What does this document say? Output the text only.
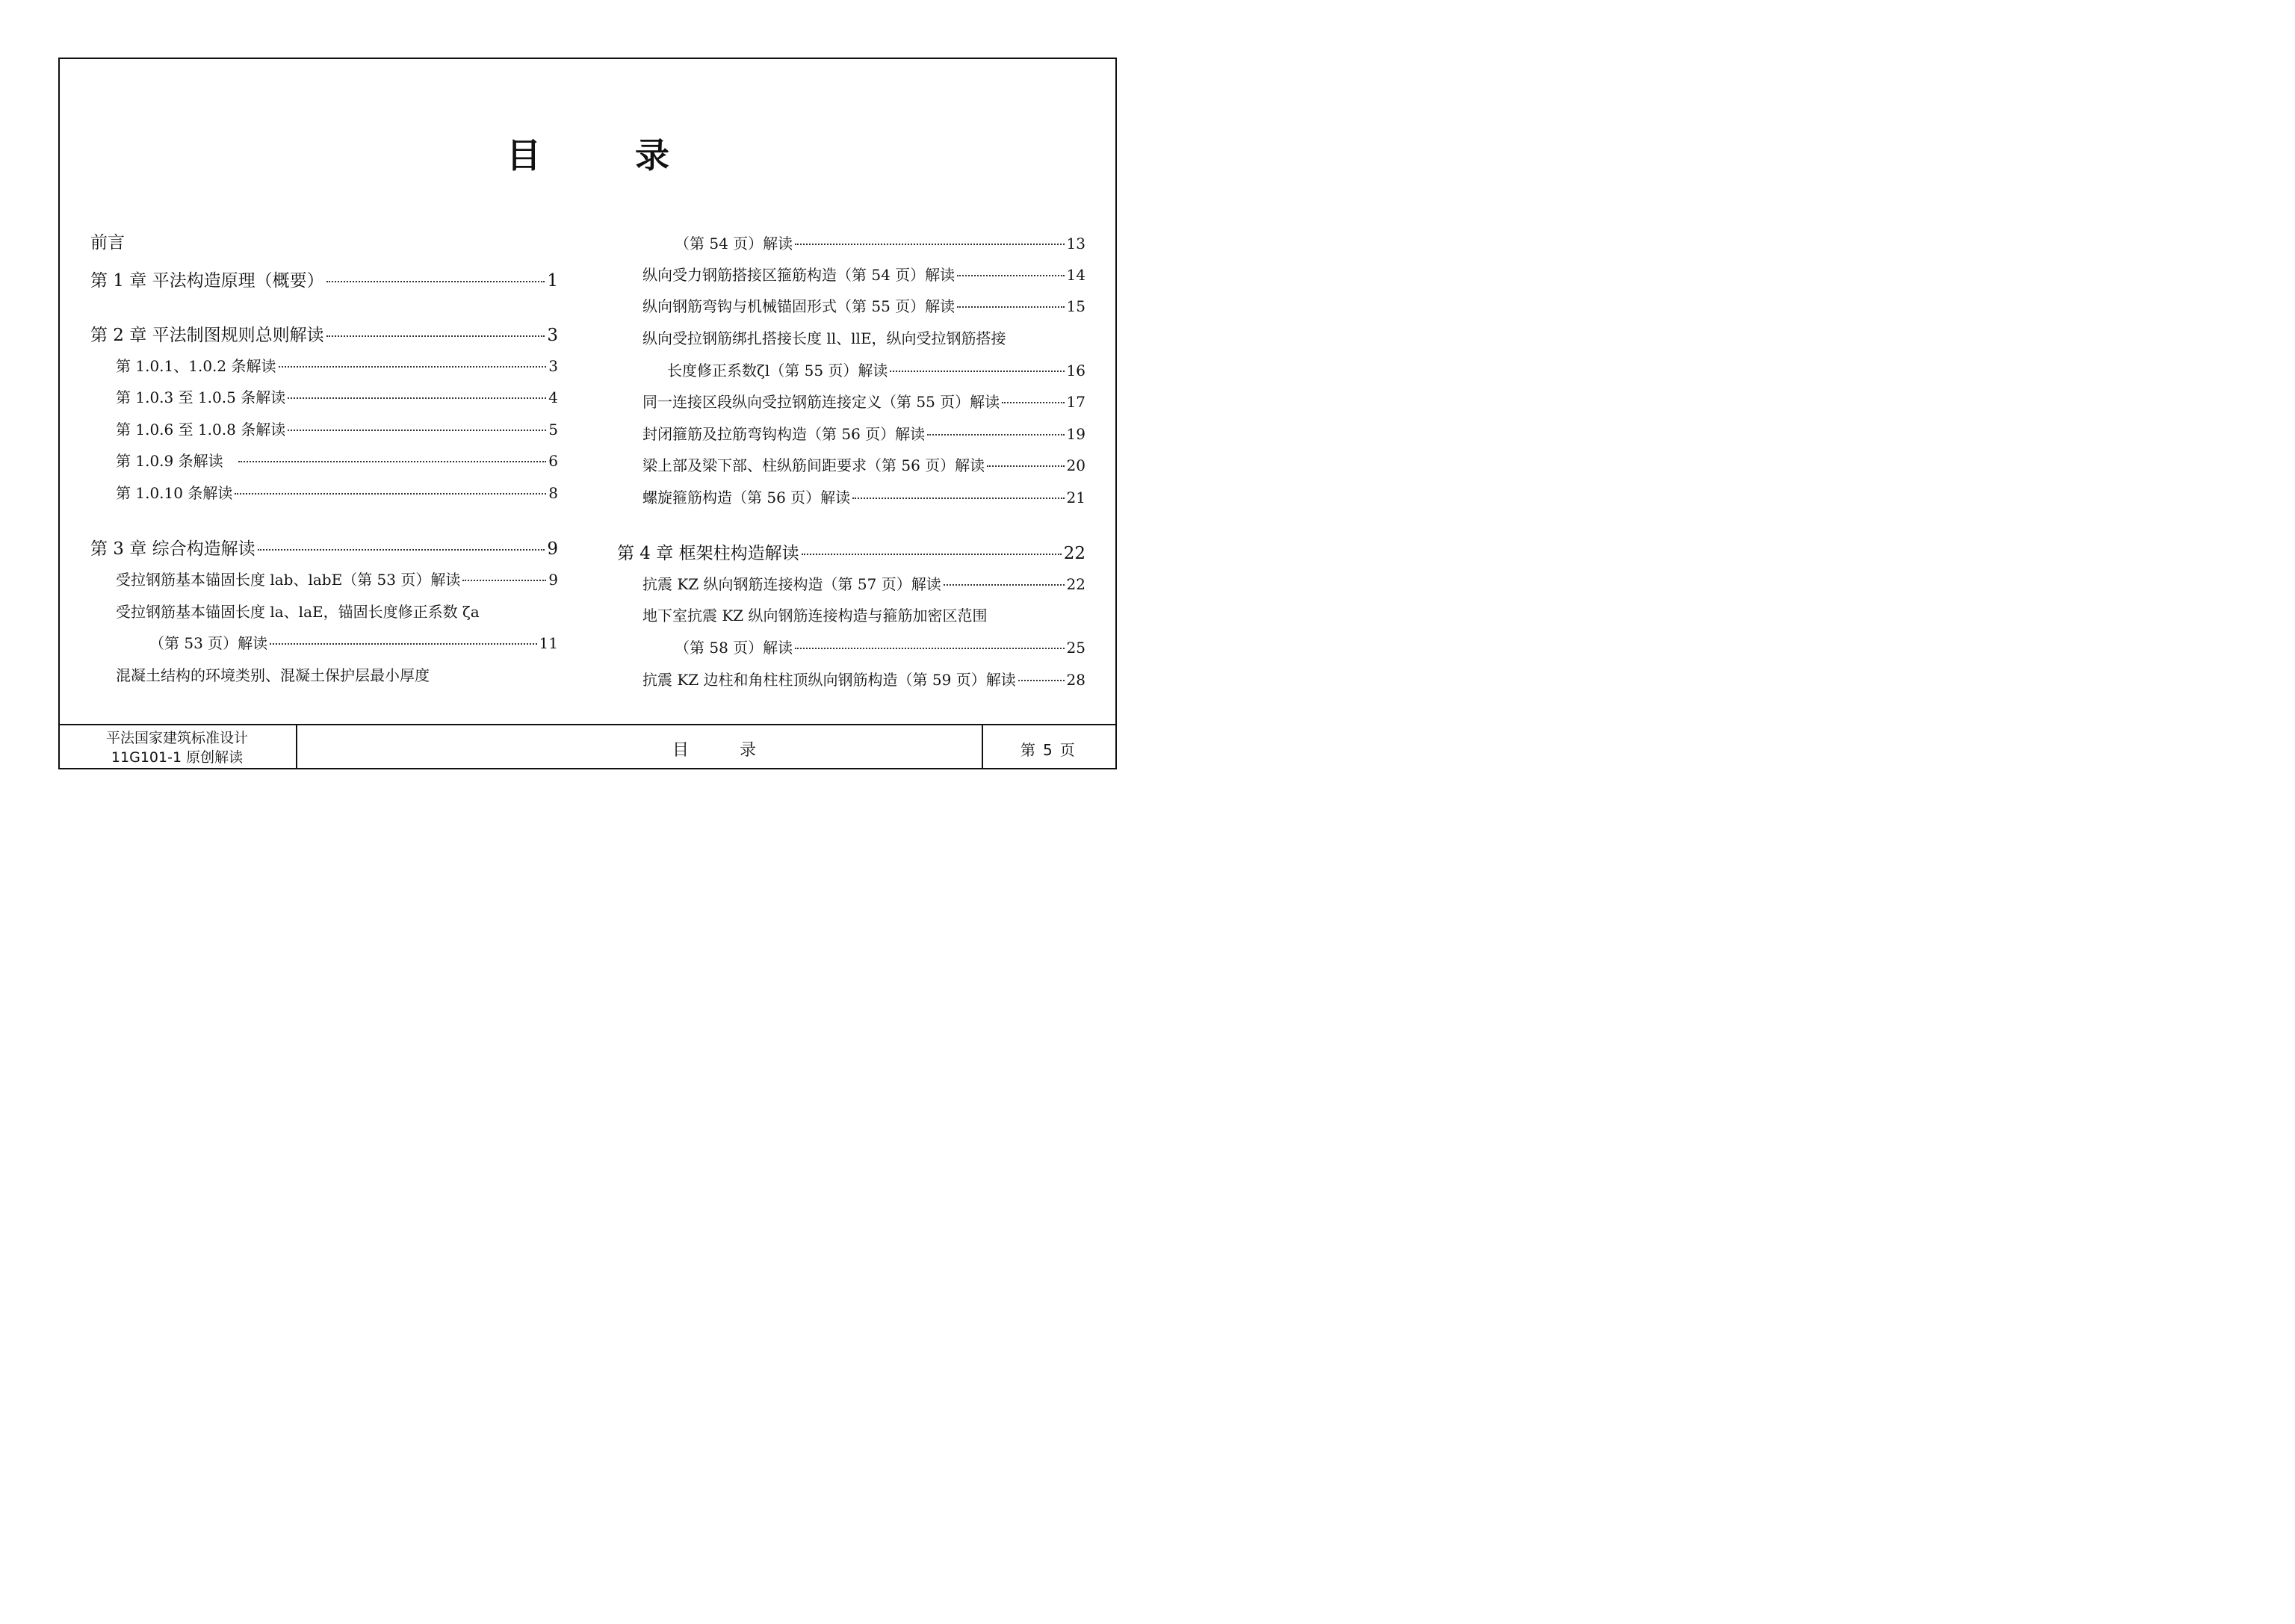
目	录
前言
第 1 章 平法构造原理（概要）	1
第 2 章 平法制图规则总则解读	3
第 1.0.1、1.0.2 条解读	3
第 1.0.3 至 1.0.5 条解读	4
第 1.0.6 至 1.0.8 条解读	5
第 1.0.9 条解读	6
第 1.0.10 条解读	8
第 3 章 综合构造解读	9
受拉钢筋基本锚固长度 lab、labE（第 53 页）解读	9
受拉钢筋基本锚固长度 la、laE，锚固长度修正系数 ζa
（第 53 页）解读	11
混凝土结构的环境类别、混凝土保护层最小厚度
（第 54 页）解读	13
纵向受力钢筋搭接区箍筋构造（第 54 页）解读	14
纵向钢筋弯钩与机械锚固形式（第 55 页）解读	15
纵向受拉钢筋绑扎搭接长度 ll、llE，纵向受拉钢筋搭接
长度修正系数ζl（第 55 页）解读	16
同一连接区段纵向受拉钢筋连接定义（第 55 页）解读	17
封闭箍筋及拉筋弯钩构造（第 56 页）解读	19
梁上部及梁下部、柱纵筋间距要求（第 56 页）解读	20
螺旋箍筋构造（第 56 页）解读	21
第 4 章 框架柱构造解读	22
抗震 KZ 纵向钢筋连接构造（第 57 页）解读	22
地下室抗震 KZ 纵向钢筋连接构造与箍筋加密区范围
（第 58 页）解读	25
抗震 KZ 边柱和角柱柱顶纵向钢筋构造（第 59 页）解读	28
平法国家建筑标准设计
11G101-1 原创解读	目	录	第 5 页
